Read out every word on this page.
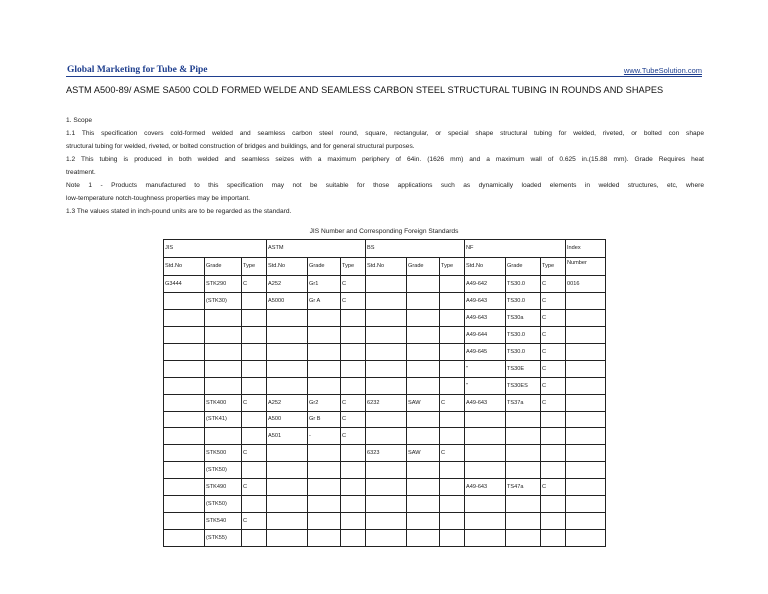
Global Marketing for Tube & Pipe	www.TubeSolution.com
ASTM A500-89/ ASME SA500 COLD FORMED WELDE AND SEAMLESS CARBON STEEL STRUCTURAL TUBING IN ROUNDS AND SHAPES

1. Scope

1.1 This specification covers cold-formed welded and seamless carbon steel round, square, rectangular, or special shape structural tubing for welded, riveted, or bolted con shape

structural tubing for welded, riveted, or bolted construction of bridges and buildings, and for general structural purposes.

1.2 This tubing is produced in both welded and seamless seizes with a maximum periphery of 64in. (1626 mm) and a maximum wall of 0.625 in.(15.88 mm). Grade Requires heat

treatment.

Note 1 - Products manufactured to this specification may not be suitable for those applications such as dynamically loaded elements in welded structures, etc, where

low-temperature notch-toughness properties may be important.

1.3 The values stated in inch-pound units are to be regarded as the standard.

JIS Number and Corresponding Foreign Standards
JIS			ASTM			BS			NF			Index
Std.No	Grade	Type	Std.No	Grade	Type	Std.No	Grade	Type	Std.No	Grade	Type	Number
G3444	STK290	C	A252	Gr1	C				A49-642	TS30.0	C	0016
	(STK30)		A5000	Gr A	C				A49-643	TS30.0	C	
									A49-643	TS30a	C	
									A49-644	TS30.0	C	
									A49-645	TS30.0	C	
									"	TS30E	C	
									"	TS30ES	C	
	STK400	C	A252	Gr2	C	6232	SAW	C	A49-643	TS37a	C	
	(STK41)		A500	Gr B	C							
			A501	-	C							
	STK500	C				6323	SAW	C				
	(STK50)											
	STK490	C							A49-643	TS47a	C	
	(STK50)											
	STK540	C										
	(STK55)											
